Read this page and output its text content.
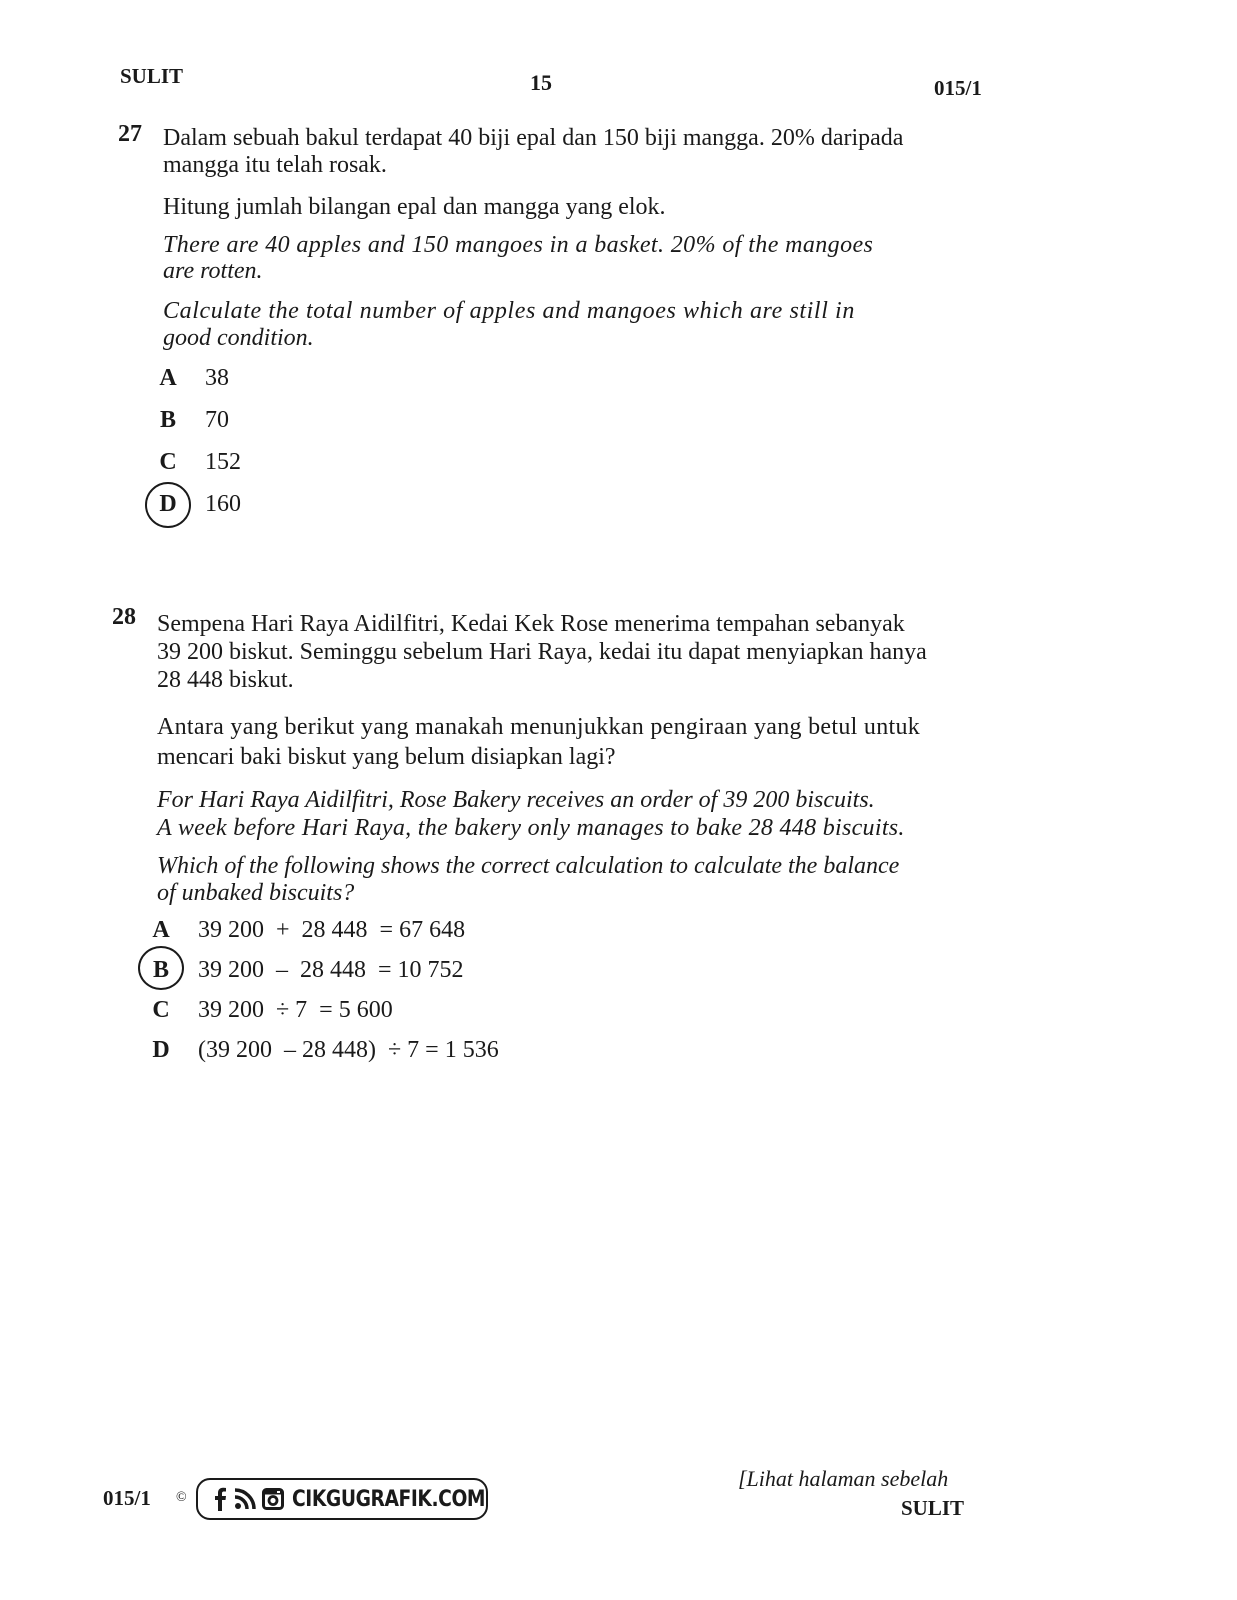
SULIT	15	015/1
27 Dalam sebuah bakul terdapat 40 biji epal dan 150 biji mangga. 20% daripada
mangga itu telah rosak.
Hitung jumlah bilangan epal dan mangga yang elok.
There are 40 apples and 150 mangoes in a basket. 20% of the mangoes
are rotten.
Calculate the total number of apples and mangoes which are still in
good condition.
A 38
B 70
C 152
D 160
28 Sempena Hari Raya Aidilfitri, Kedai Kek Rose menerima tempahan sebanyak
39 200 biskut. Seminggu sebelum Hari Raya, kedai itu dapat menyiapkan hanya
28 448 biskut.
Antara yang berikut yang manakah menunjukkan pengiraan yang betul untuk
mencari baki biskut yang belum disiapkan lagi?
For Hari Raya Aidilfitri, Rose Bakery receives an order of 39 200 biscuits.
A week before Hari Raya, the bakery only manages to bake 28 448 biscuits.
Which of the following shows the correct calculation to calculate the balance
of unbaked biscuits?
A 39 200  +  28 448  = 67 648
B 39 200  –  28 448  = 10 752
C 39 200  ÷ 7  = 5 600
D (39 200  – 28 448)  ÷ 7 = 1 536
015/1 ©	CIKGUGRAFIK.COM
[Lihat halaman sebelah
SULIT
